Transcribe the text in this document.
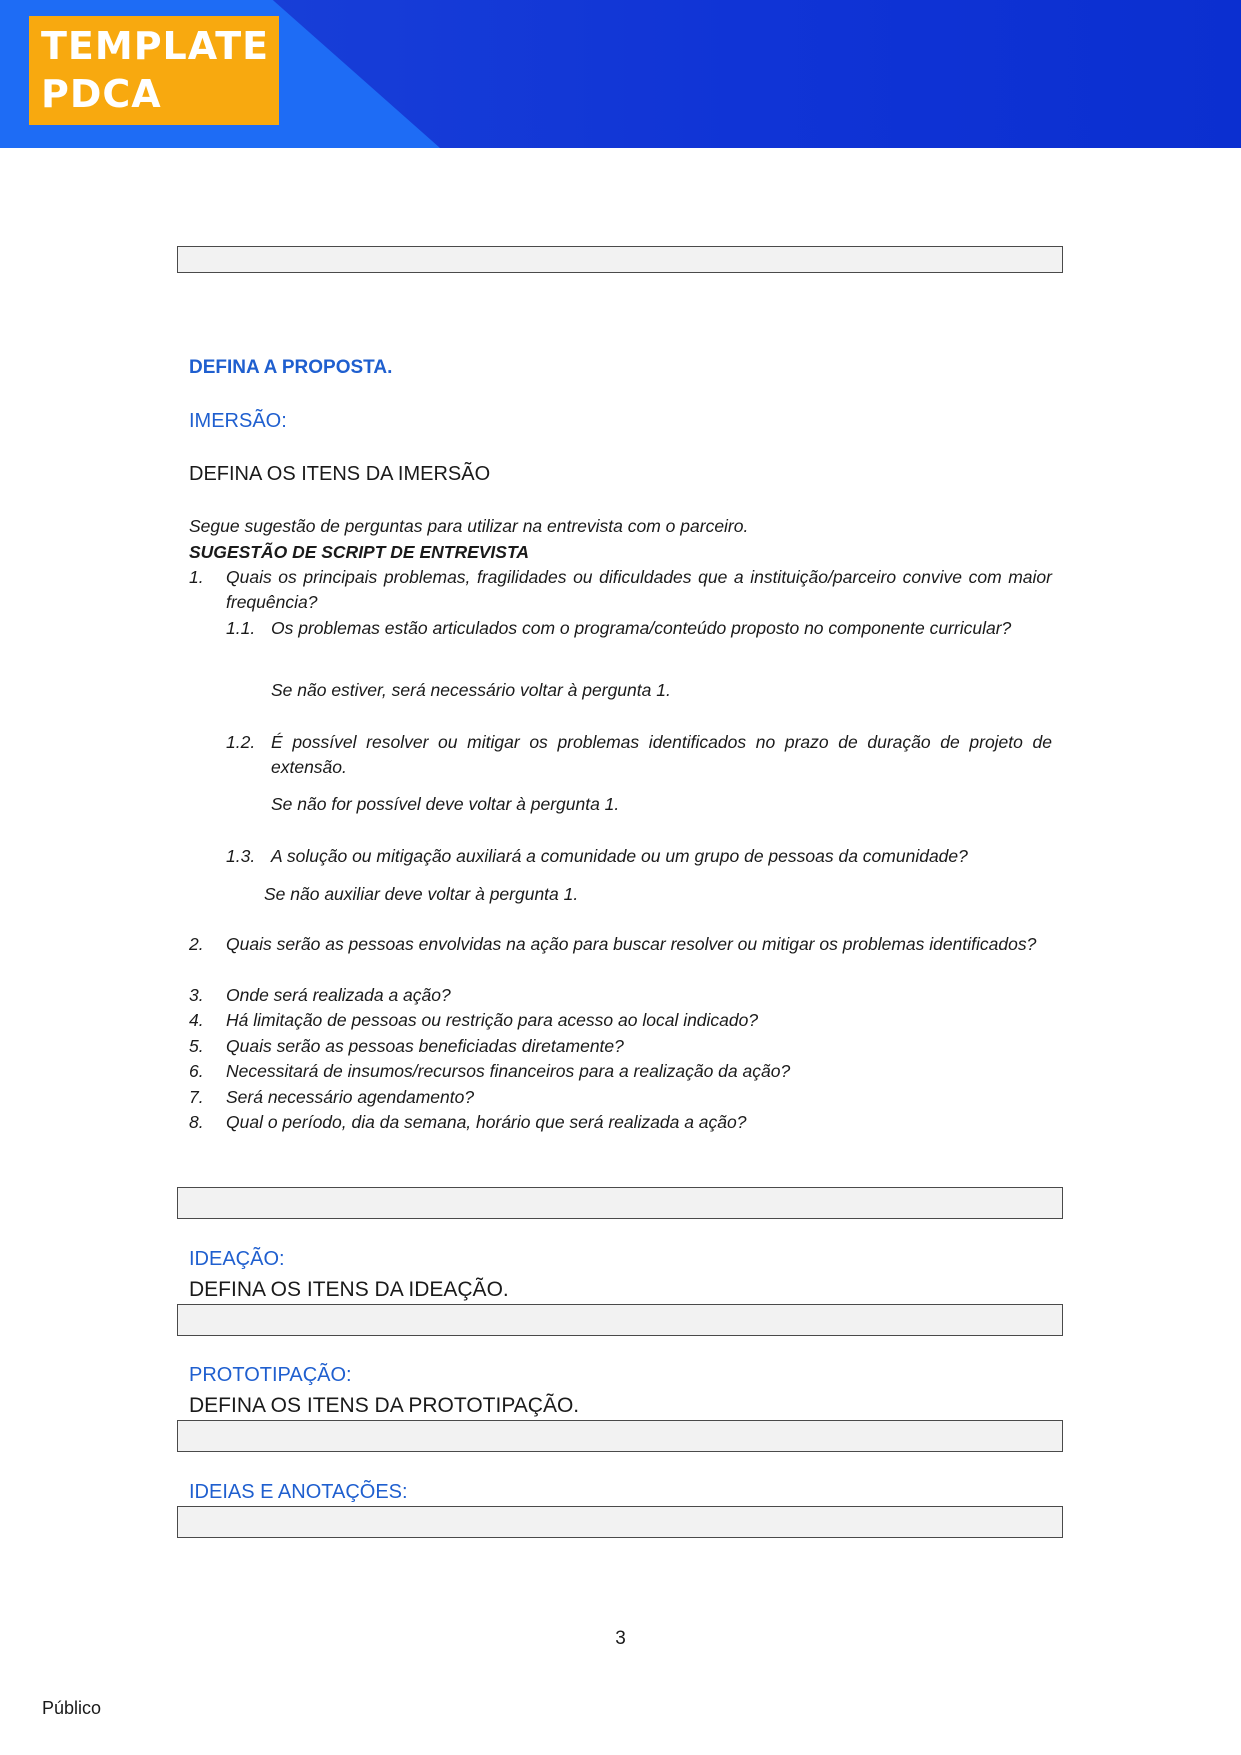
TEMPLATE
PDCA
DEFINA A PROPOSTA.
IMERSÃO:
DEFINA OS ITENS DA IMERSÃO
Segue sugestão de perguntas para utilizar na entrevista com o parceiro.
SUGESTÃO DE SCRIPT DE ENTREVISTA
1. Quais os principais problemas, fragilidades ou dificuldades que a instituição/parceiro convive com maior frequência?
1.1. Os problemas estão articulados com o programa/conteúdo proposto no componente curricular?
Se não estiver, será necessário voltar à pergunta 1.
1.2. É possível resolver ou mitigar os problemas identificados no prazo de duração de projeto de extensão.
Se não for possível deve voltar à pergunta 1.
1.3. A solução ou mitigação auxiliará a comunidade ou um grupo de pessoas da comunidade?
Se não auxiliar deve voltar à pergunta 1.
2. Quais serão as pessoas envolvidas na ação para buscar resolver ou mitigar os problemas identificados?
3. Onde será realizada a ação?
4. Há limitação de pessoas ou restrição para acesso ao local indicado?
5. Quais serão as pessoas beneficiadas diretamente?
6. Necessitará de insumos/recursos financeiros para a realização da ação?
7. Será necessário agendamento?
8. Qual o período, dia da semana, horário que será realizada a ação?
IDEAÇÃO:
DEFINA OS ITENS DA IDEAÇÃO.
PROTOTIPAÇÃO:
DEFINA OS ITENS DA PROTOTIPAÇÃO.
IDEIAS E ANOTAÇÕES:
3
Público
